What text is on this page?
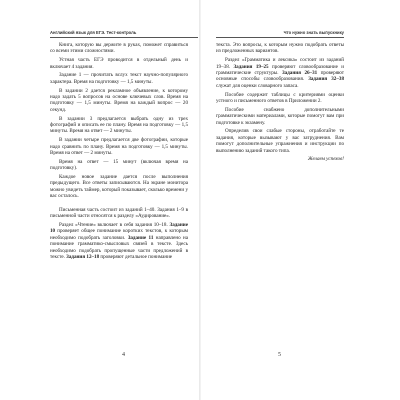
Английский язык для ЕГЭ. Тест-контроль

Книга, которую вы держите в руках, поможет справиться со всеми этими сложностями.

Устная часть ЕГЭ проводится в отдельный день и включает 4 задания.

Задание 1 — прочитать вслух текст научно-популярного характера. Время на подготовку — 1,5 минуты.

В задании 2 дается рекламное объявление, к которому надо задать 5 вопросов на основе ключевых слов. Время на подготовку — 1,5 минуты. Время на каждый вопрос — 20 секунд.

В задании 3 предлагается выбрать одну из трех фотографий и описать ее по плану. Время на подготовку — 1,5 минуты. Время на ответ — 2 минуты.

В задании четыре предлагается две фотографии, которые надо сравнить по плану. Время на подготовку — 1,5 минуты. Время на ответ — 2 минуты.

Время на ответ — 15 минут (включая время на подготовку).

Каждое новое задание дается после выполнения предыдущего. Все ответы записываются. На экране монитора можно увидеть таймер, который показывает, сколько времени у вас осталось.

Письменная часть состоит из заданий 1–40. Задания 1–9 в письменной части относятся к разделу «Аудирование».

Раздел «Чтение» включает в себя задания 10–18. Задание 10 проверяет общее понимание коротких текстов, к которым необходимо подобрать заголовки. Задание 11 направлено на понимание грамматико-смысловых связей в тексте. Здесь необходимо подобрать пропущенные части предложений в тексте. Задания 12–18 проверяют детальное понимание

4
Что нужно знать выпускнику

текста. Это вопросы, к которым нужно подобрать ответы из предложенных вариантов.

Раздел «Грамматика и лексика» состоит из заданий 19–38. Задания 19–25 проверяют словообразование и грамматические структуры. Задания 26–31 проверяют основные способы словообразования. Задания 32–38 служат для оценки словарного запаса.

Пособие содержит таблицы с критериями оценки устного и письменного ответов в Приложении 2.

Пособие снабжено дополнительными грамматическими материалами, которые помогут вам при подготовке к экзамену.

Определив свои слабые стороны, отработайте те задания, которые вызывают у вас затруднения. Вам помогут дополнительные упражнения и инструкции по выполнению заданий такого типа.

Желаем успехов!

5
